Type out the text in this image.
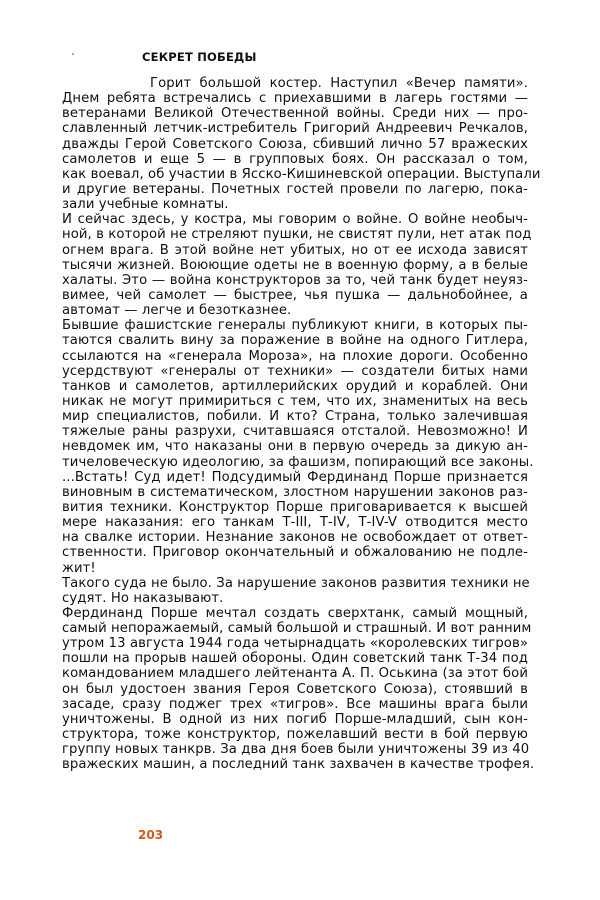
СЕКРЕТ ПОБЕДЫ
Горит большой костер. Наступил «Вечер памяти».
Днем ребята встречались с приехавшими в лагерь гостями —
ветеранами Великой Отечественной войны. Среди них — про-
славленный летчик-истребитель Григорий Андреевич Речкалов,
дважды Герой Советского Союза, сбивший лично 57 вражеских
самолетов и еще 5 — в групповых боях. Он рассказал о том,
как воевал, об участии в Ясско-Кишиневской операции. Выступали
и другие ветераны. Почетных гостей провели по лагерю, пока-
зали учебные комнаты.
И сейчас здесь, у костра, мы говорим о войне. О войне необыч-
ной, в которой не стреляют пушки, не свистят пули, нет атак под
огнем врага. В этой войне нет убитых, но от ее исхода зависят
тысячи жизней. Воюющие одеты не в военную форму, а в белые
халаты. Это — война конструкторов за то, чей танк будет неуяз-
вимее, чей самолет — быстрее, чья пушка — дальнобойнее, а
автомат — легче и безотказнее.
Бывшие фашистские генералы публикуют книги, в которых пы-
таются свалить вину за поражение в войне на одного Гитлера,
ссылаются на «генерала Мороза», на плохие дороги. Особенно
усердствуют «генералы от техники» — создатели битых нами
танков и самолетов, артиллерийских орудий и кораблей. Они
никак не могут примириться с тем, что их, знаменитых на весь
мир специалистов, побили. И кто? Страна, только залечившая
тяжелые раны разрухи, считавшаяся отсталой. Невозможно! И
невдомек им, что наказаны они в первую очередь за дикую ан-
тичеловеческую идеологию, за фашизм, попирающий все законы.
...Встать! Суд идет! Подсудимый Фердинанд Порше признается
виновным в систематическом, злостном нарушении законов раз-
вития техники. Конструктор Порше приговаривается к высшей
мере наказания: его танкам Т-III, Т-IV, Т-IV-V отводится место
на свалке истории. Незнание законов не освобождает от ответ-
ственности. Приговор окончательный и обжалованию не подле-
жит!
Такого суда не было. За нарушение законов развития техники не
судят. Но наказывают.
Фердинанд Порше мечтал создать сверхтанк, самый мощный,
самый непоражаемый, самый большой и страшный. И вот ранним
утром 13 августа 1944 года четырнадцать «королевских тигров»
пошли на прорыв нашей обороны. Один советский танк Т-34 под
командованием младшего лейтенанта А. П. Оськина (за этот бой
он был удостоен звания Героя Советского Союза), стоявший в
засаде, сразу поджег трех «тигров». Все машины врага были
уничтожены. В одной из них погиб Порше-младший, сын кон-
структора, тоже конструктор, пожелавший вести в бой первую
группу новых танкрв. За два дня боев были уничтожены 39 из 40
вражеских машин, а последний танк захвачен в качестве трофея.
203
